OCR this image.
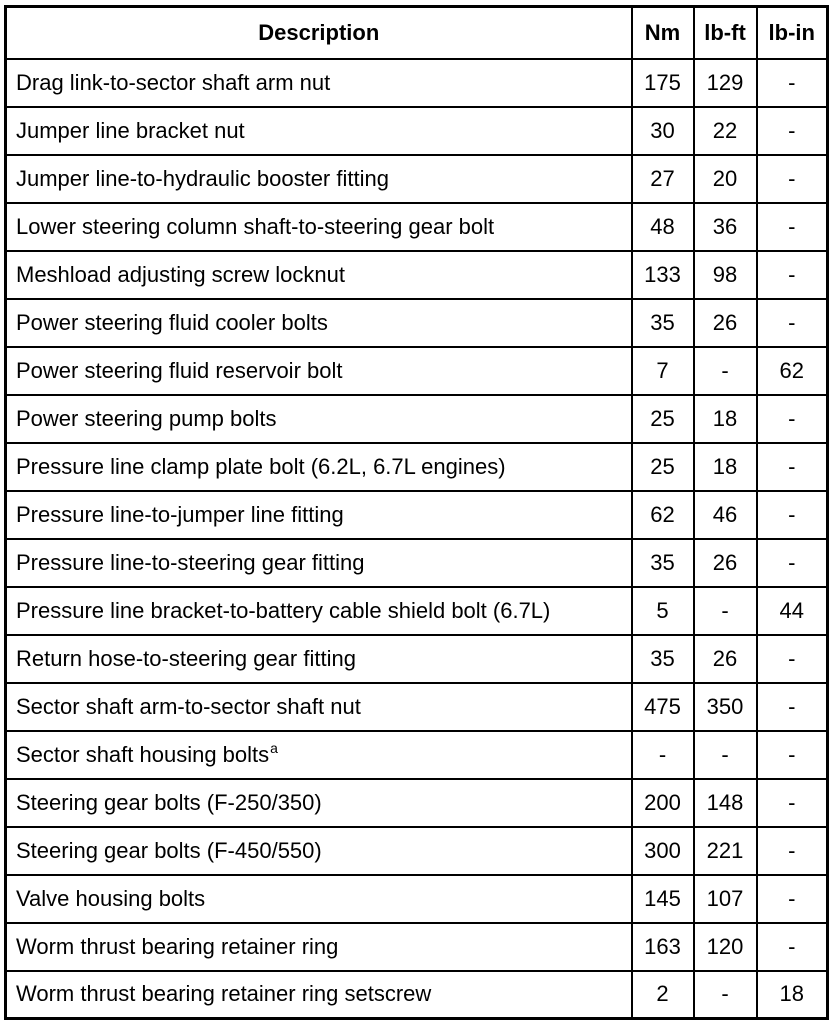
Description	Nm	lb-ft	lb-in
Drag link-to-sector shaft arm nut	175	129	-
Jumper line bracket nut	30	22	-
Jumper line-to-hydraulic booster fitting	27	20	-
Lower steering column shaft-to-steering gear bolt	48	36	-
Meshload adjusting screw locknut	133	98	-
Power steering fluid cooler bolts	35	26	-
Power steering fluid reservoir bolt	7	-	62
Power steering pump bolts	25	18	-
Pressure line clamp plate bolt (6.2L, 6.7L engines)	25	18	-
Pressure line-to-jumper line fitting	62	46	-
Pressure line-to-steering gear fitting	35	26	-
Pressure line bracket-to-battery cable shield bolt (6.7L)	5	-	44
Return hose-to-steering gear fitting	35	26	-
Sector shaft arm-to-sector shaft nut	475	350	-
Sector shaft housing bolts$^a$	-	-	-
Steering gear bolts (F-250/350)	200	148	-
Steering gear bolts (F-450/550)	300	221	-
Valve housing bolts	145	107	-
Worm thrust bearing retainer ring	163	120	-
Worm thrust bearing retainer ring setscrew	2	-	18
